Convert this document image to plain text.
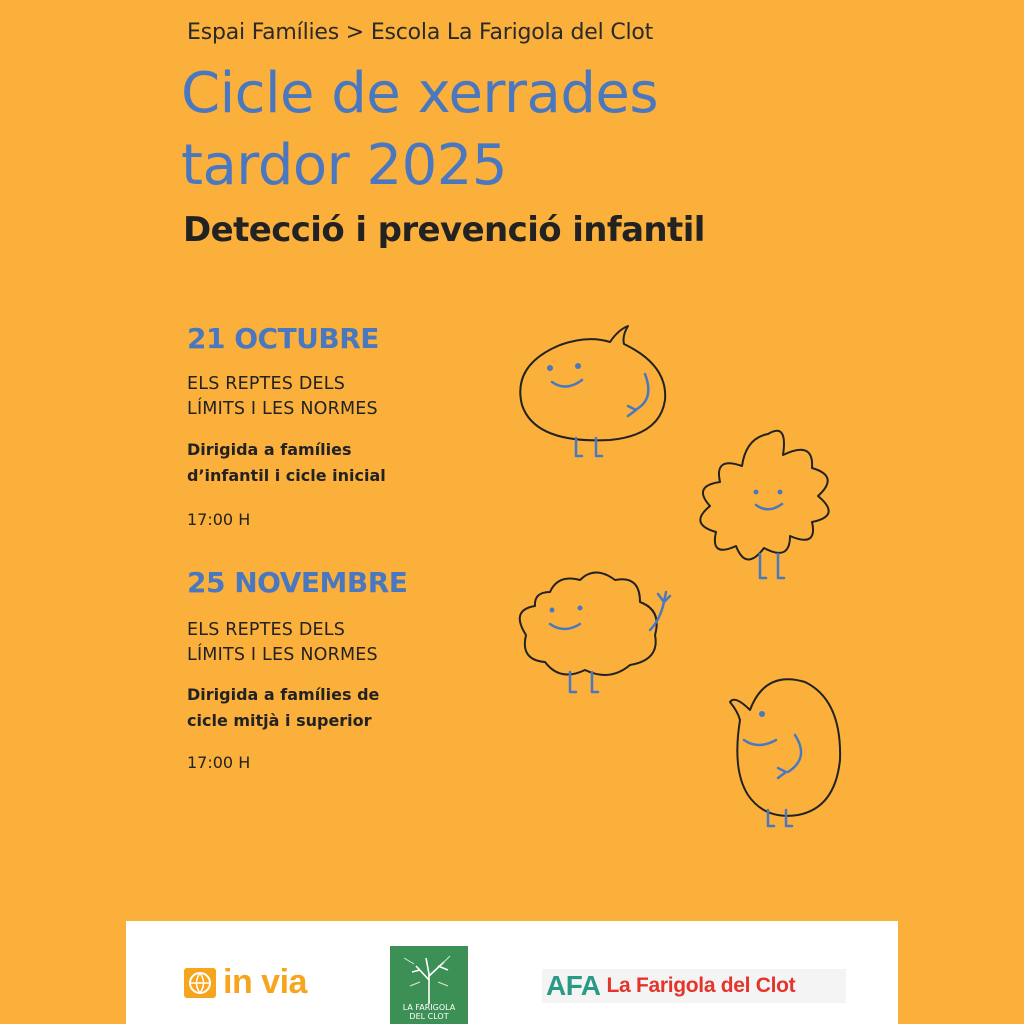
Espai Famílies > Escola La Farigola del Clot
Cicle de xerrades
tardor 2025
Detecció i prevenció infantil
21 OCTUBRE
ELS REPTES DELS
LÍMITS I LES NORMES
Dirigida a famílies
d’infantil i cicle inicial
17:00 H
25 NOVEMBRE
ELS REPTES DELS
LÍMITS I LES NORMES
Dirigida a famílies de
cicle mitjà i superior
17:00 H
in via
LA FARIGOLA
DEL CLOT
AFA La Farigola del Clot
